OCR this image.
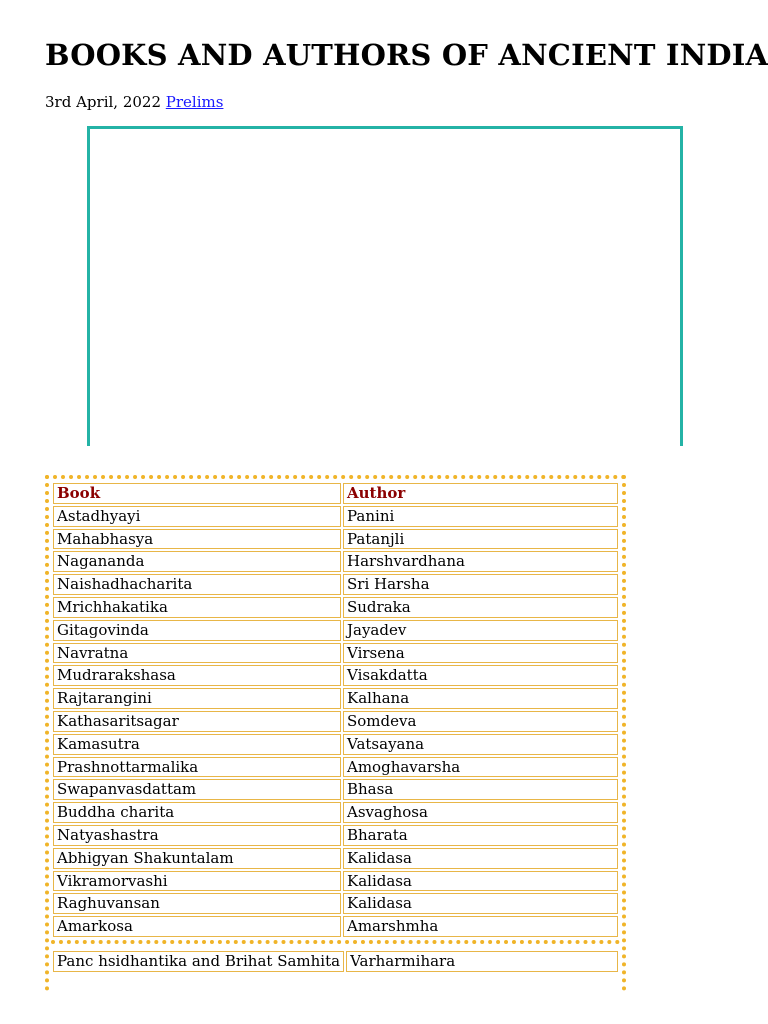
BOOKS AND AUTHORS OF ANCIENT INDIA
3rd April, 2022 Prelims
Book	Author
Astadhyayi	Panini
Mahabhasya	Patanjli
Nagananda	Harshvardhana
Naishadhacharita	Sri Harsha
Mrichhakatika	Sudraka
Gitagovinda	Jayadev
Navratna	Virsena
Mudrarakshasa	Visakdatta
Rajtarangini	Kalhana
Kathasaritsagar	Somdeva
Kamasutra	Vatsayana
Prashnottarmalika	Amoghavarsha
Swapanvasdattam	Bhasa
Buddha charita	Asvaghosa
Natyashastra	Bharata
Abhigyan Shakuntalam	Kalidasa
Vikramorvashi	Kalidasa
Raghuvansan	Kalidasa
Amarkosa	Amarshmha
Panc hsidhantika and Brihat Samhita	Varharmihara
